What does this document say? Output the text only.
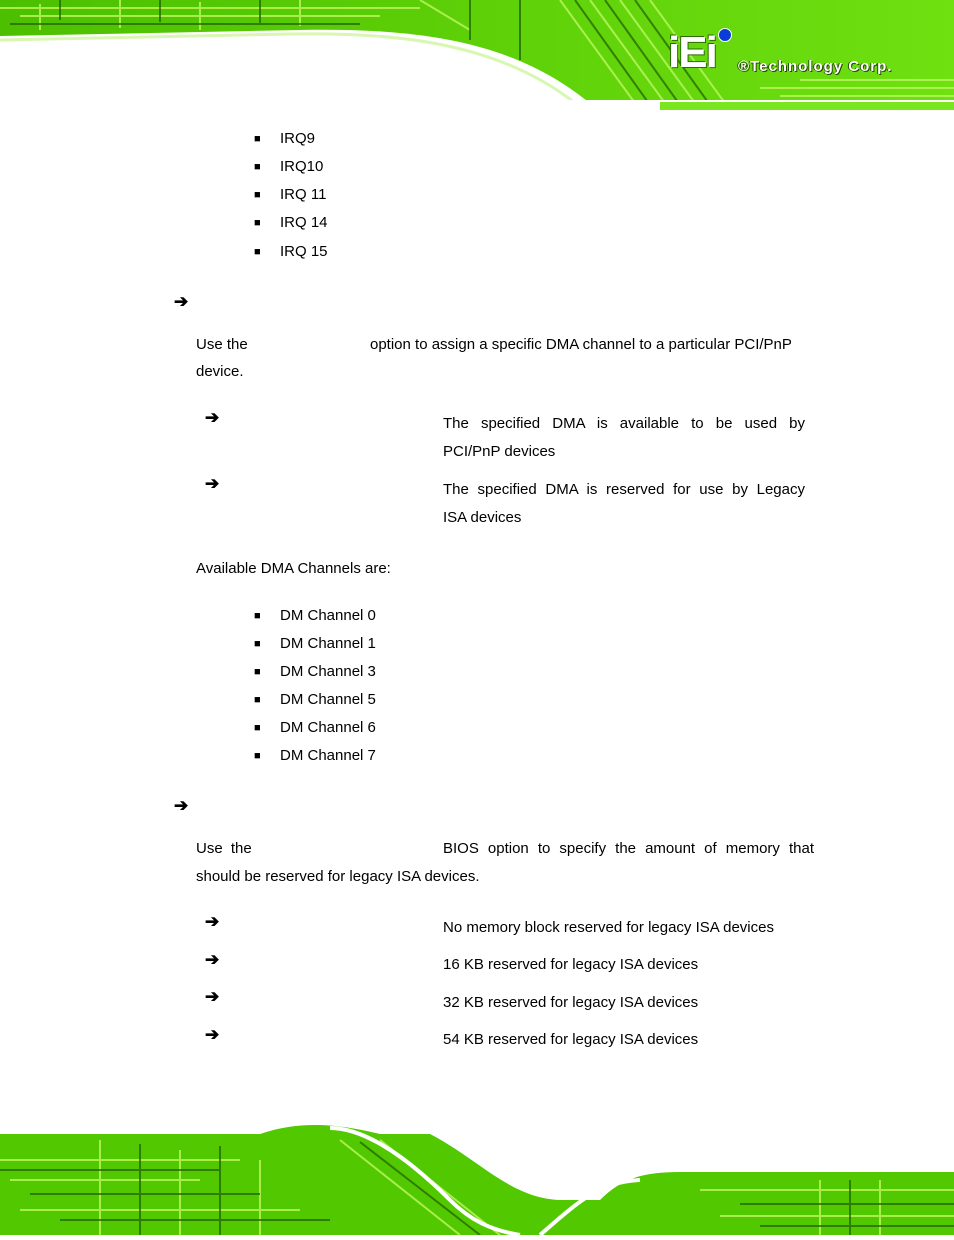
iEi ®Technology Corp.
■ IRQ9
■ IRQ10
■ IRQ 11
■ IRQ 14
■ IRQ 15
➔
Use the	option to assign a specific DMA channel to a particular PCI/PnP
device.
➔	The specified DMA is available to be used by
PCI/PnP devices
➔	The specified DMA is reserved for use by Legacy
ISA devices
Available DMA Channels are:
■ DM Channel 0
■ DM Channel 1
■ DM Channel 3
■ DM Channel 5
■ DM Channel 6
■ DM Channel 7
➔
Use the	BIOS option to specify the amount of memory that
should be reserved for legacy ISA devices.
➔	No memory block reserved for legacy ISA devices
➔	16 KB reserved for legacy ISA devices
➔	32 KB reserved for legacy ISA devices
➔	54 KB reserved for legacy ISA devices
